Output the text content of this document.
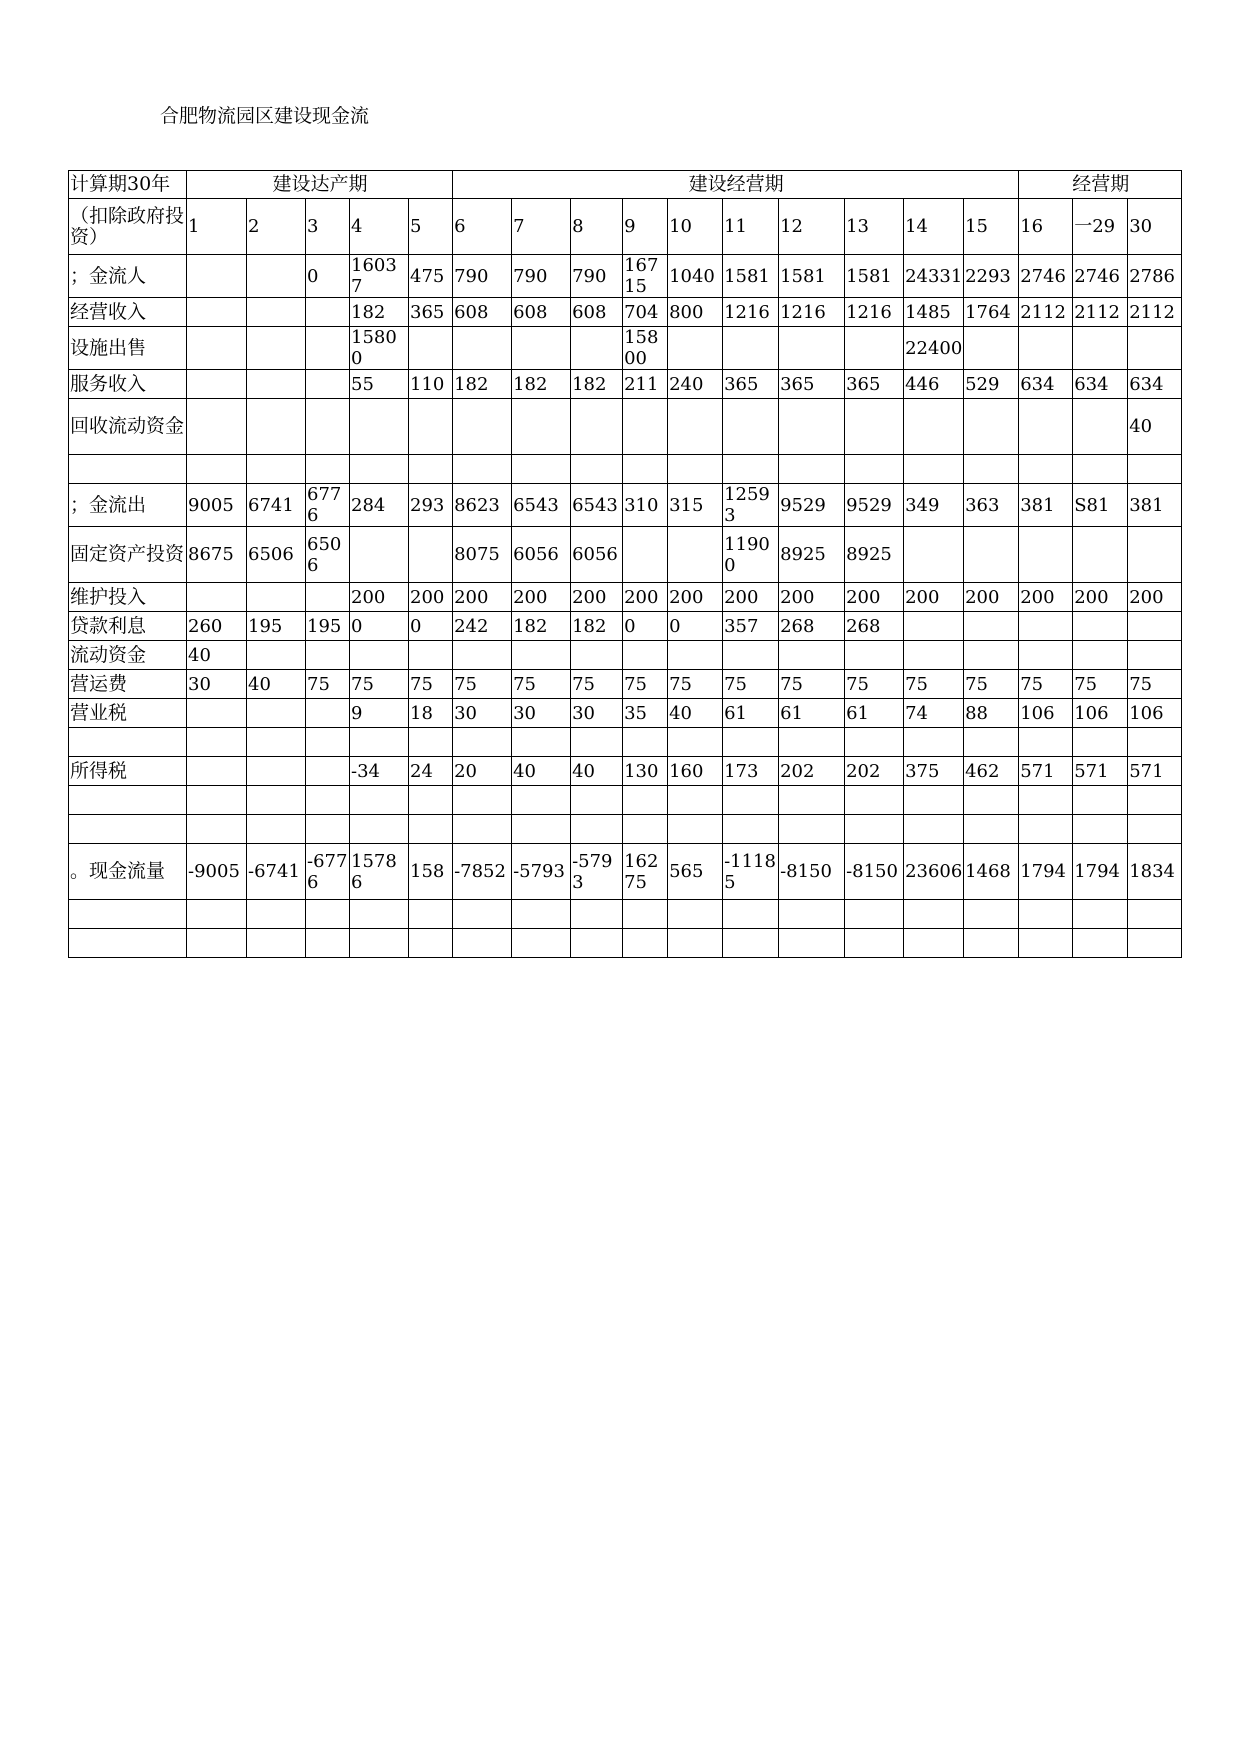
合肥物流园区建设现金流
计算期30年	建设达产期					建设经营期										经营期		
（扣除政府投资）	1	2	3	4	5	6	7	8	9	10	11	12	13	14	15	16	一29	30
；金流人			0	16037	475	790	790	790	16715	1040	1581	1581	1581	24331	2293	2746	2746	2786
经营收入				182	365	608	608	608	704	800	1216	1216	1216	1485	1764	2112	2112	2112
设施出售				15800					15800					22400				
服务收入				55	110	182	182	182	211	240	365	365	365	446	529	634	634	634
回收流动资金																		40

；金流出	9005	6741	6776	284	293	8623	6543	6543	310	315	12593	9529	9529	349	363	381	S81	381
固定资产投资	8675	6506	6506			8075	6056	6056			11900	8925	8925					
维护投入				200	200	200	200	200	200	200	200	200	200	200	200	200	200	200
贷款利息	260	195	195	0	0	242	182	182	0	0	357	268	268					
流动资金	40																	
营运费	30	40	75	75	75	75	75	75	75	75	75	75	75	75	75	75	75	75
营业税				9	18	30	30	30	35	40	61	61	61	74	88	106	106	106

所得税				-34	24	20	40	40	130	160	173	202	202	375	462	571	571	571

。现金流量	-9005	-6741	-6776	15786	158	-7852	-5793	-5793	16275	565	-11185	-8150	-8150	23606	1468	1794	1794	1834
